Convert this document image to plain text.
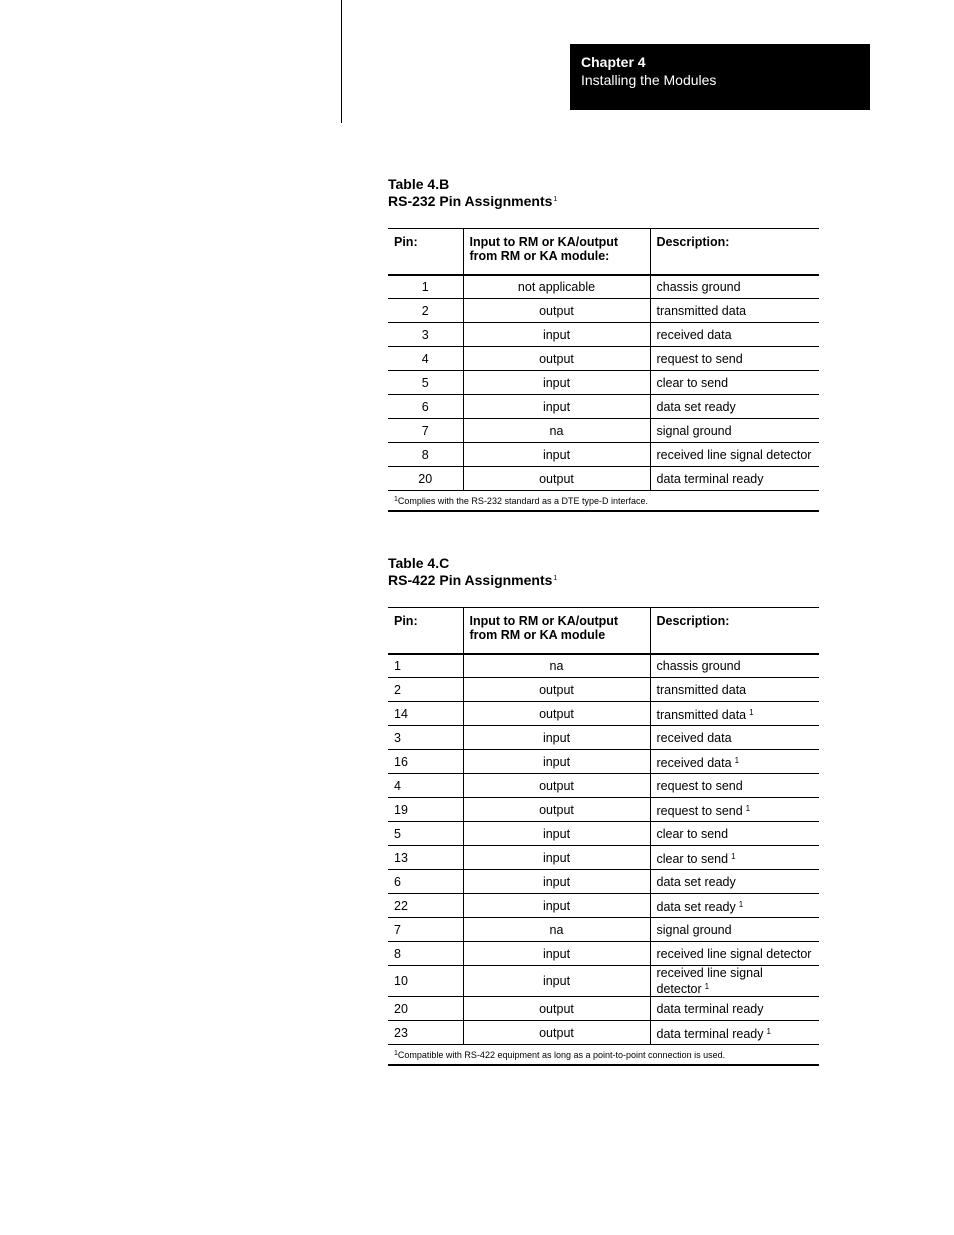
Chapter 4
Installing the Modules
Table 4.B
RS-232 Pin Assignments$^1$
Pin:	Input to RM or KA/output from RM or KA module:	Description:
1	not applicable	chassis ground
2	output	transmitted data
3	input	received data
4	output	request to send
5	input	clear to send
6	input	data set ready
7	na	signal ground
8	input	received line signal detector
20	output	data terminal ready
$^1$Complies with the RS-232 standard as a DTE type-D interface.		
Table 4.C
RS-422 Pin Assignments$^1$
Pin:	Input to RM or KA/output from RM or KA module	Description:
1	na	chassis ground
2	output	transmitted data
14	output	transmitted data $^1$
3	input	received data
16	input	received data $^1$
4	output	request to send
19	output	request to send $^1$
5	input	clear to send
13	input	clear to send $^1$
6	input	data set ready
22	input	data set ready $^1$
7	na	signal ground
8	input	received line signal detector
10	input	received line signal detector $^1$
20	output	data terminal ready
23	output	data terminal ready $^1$
$^1$Compatible with RS-422 equipment as long as a point-to-point connection is used.		
